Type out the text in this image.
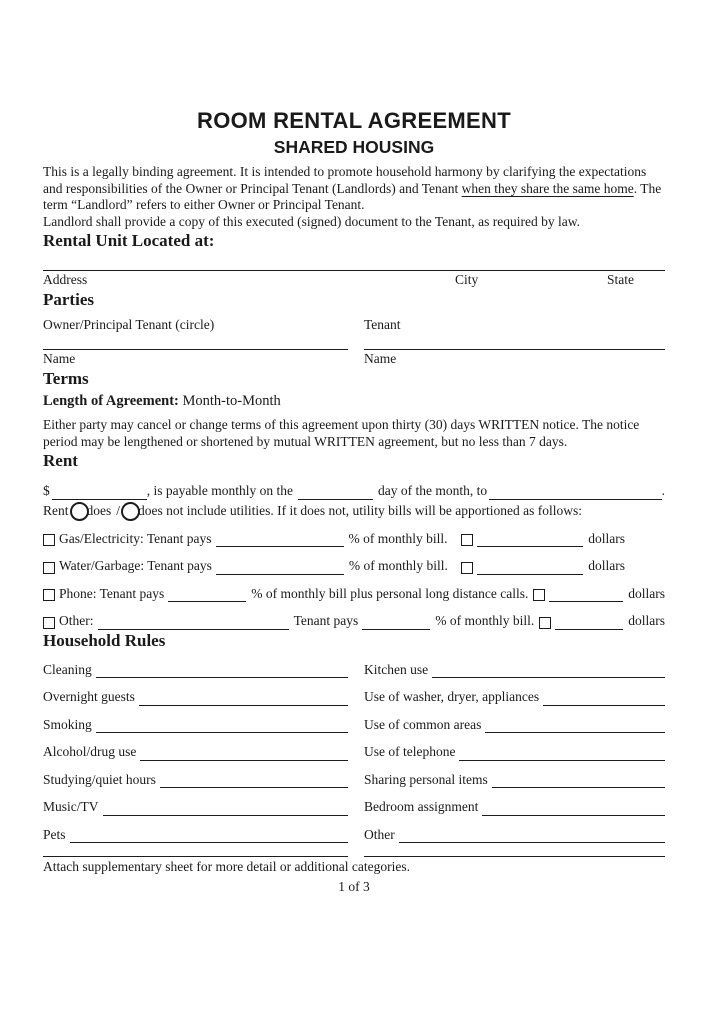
ROOM RENTAL AGREEMENT
SHARED HOUSING

This is a legally binding agreement. It is intended to promote household harmony by clarifying the expectations and responsibilities of the Owner or Principal Tenant (Landlords) and Tenant when they share the same home. The term “Landlord” refers to either Owner or Principal Tenant.

Landlord shall provide a copy of this executed (signed) document to the Tenant, as required by law.

Rental Unit Located at:
Address	City	State
Parties
Owner/Principal Tenant (circle)	Tenant
Name	Name
Terms
Length of Agreement: Month-to-Month

Either party may cancel or change terms of this agreement upon thirty (30) days WRITTEN notice. The notice period may be lengthened or shortened by mutual WRITTEN agreement, but no less than 7 days.

Rent
$	, is payable monthly on the	day of the month, to	.
Rent does / does not include utilities. If it does not, utility bills will be apportioned as follows:
Gas/Electricity: Tenant pays	% of monthly bill.	dollars
Water/Garbage: Tenant pays	% of monthly bill.	dollars
Phone: Tenant pays	% of monthly bill plus personal long distance calls.	dollars
Other:	Tenant pays	% of monthly bill.	dollars
Household Rules
Cleaning	Kitchen use
Overnight guests	Use of washer, dryer, appliances
Smoking	Use of common areas
Alcohol/drug use	Use of telephone
Studying/quiet hours	Sharing personal items
Music/TV	Bedroom assignment
Pets	Other

Attach supplementary sheet for more detail or additional categories.

1 of 3
